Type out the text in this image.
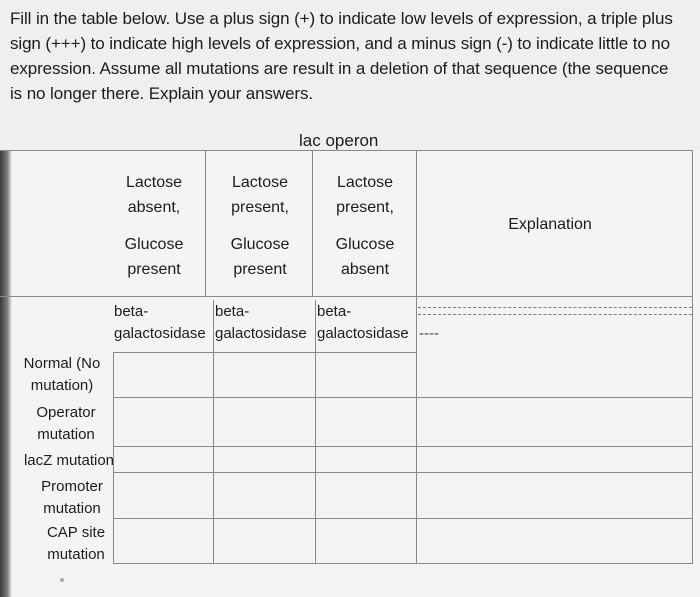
Fill in the table below. Use a plus sign (+) to indicate low levels of expression, a triple plus
sign (+++) to indicate high levels of expression, and a minus sign (-) to indicate little to no
expression. Assume all mutations are result in a deletion of that sequence (the sequence
is no longer there. Explain your answers.
lac operon
Lactose
absent,
Glucose
present
Lactose
present,
Glucose
present
Lactose
present,
Glucose
absent
Explanation
beta-
galactosidase
beta-
galactosidase
beta-
galactosidase ----
Normal (No
mutation)
Operator
mutation
lacZ mutation
Promoter
mutation
CAP site
mutation
